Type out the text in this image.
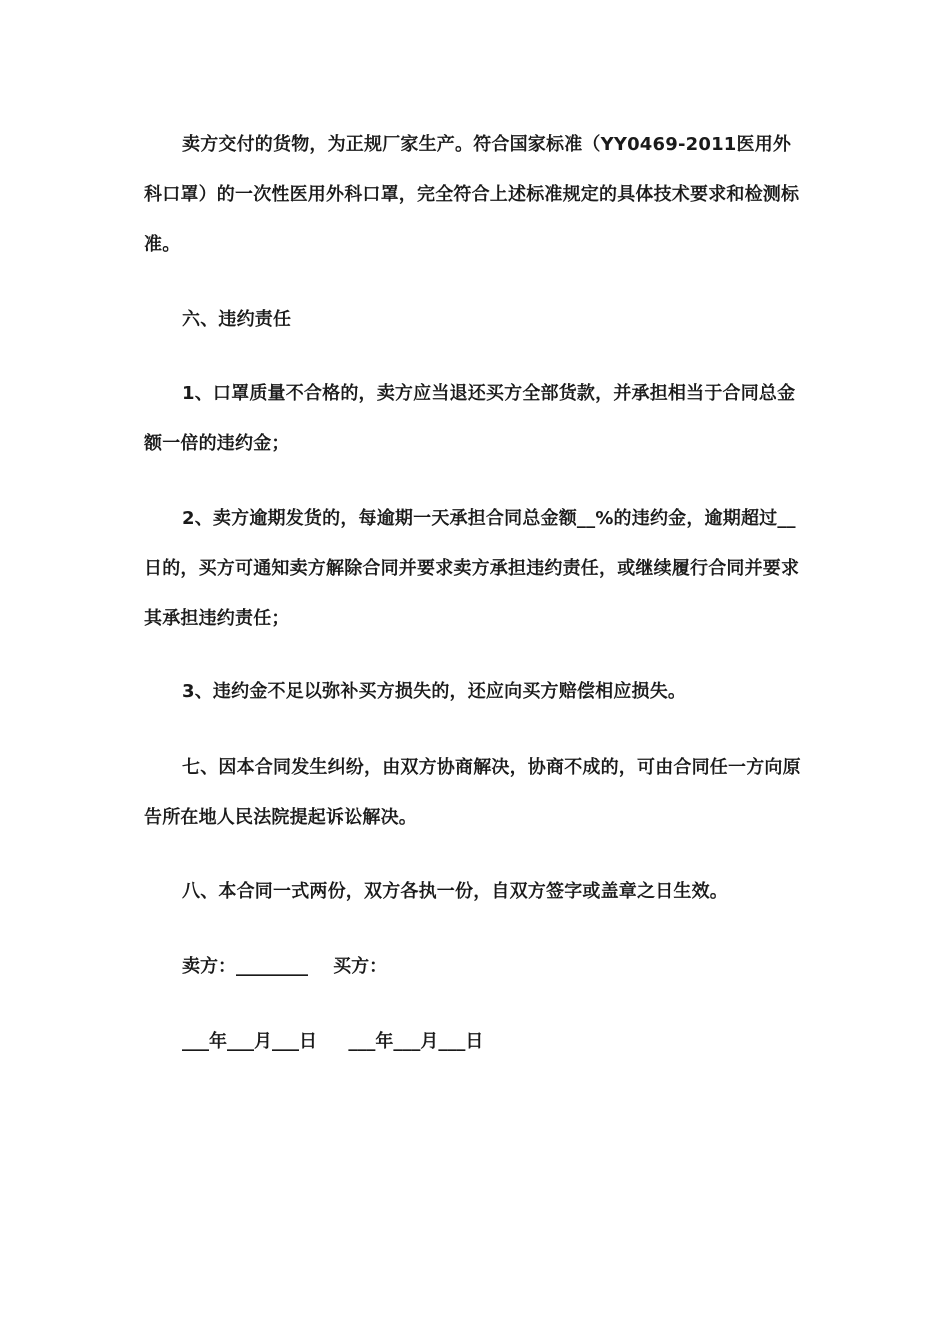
卖方交付的货物，为正规厂家生产。符合国家标准（YY0469-2011医用外科口罩）的一次性医用外科口罩，完全符合上述标准规定的具体技术要求和检测标准。

六、违约责任

1、口罩质量不合格的，卖方应当退还买方全部货款，并承担相当于合同总金额一倍的违约金；

2、卖方逾期发货的，每逾期一天承担合同总金额__%的违约金，逾期超过__日的，买方可通知卖方解除合同并要求卖方承担违约责任，或继续履行合同并要求其承担违约责任；

3、违约金不足以弥补买方损失的，还应向买方赔偿相应损失。

七、因本合同发生纠纷，由双方协商解决，协商不成的，可由合同任一方向原告所在地人民法院提起诉讼解决。

八、本合同一式两份，双方各执一份，自双方签字或盖章之日生效。

卖方：________    买方：

___年___月___日     ___年___月___日
